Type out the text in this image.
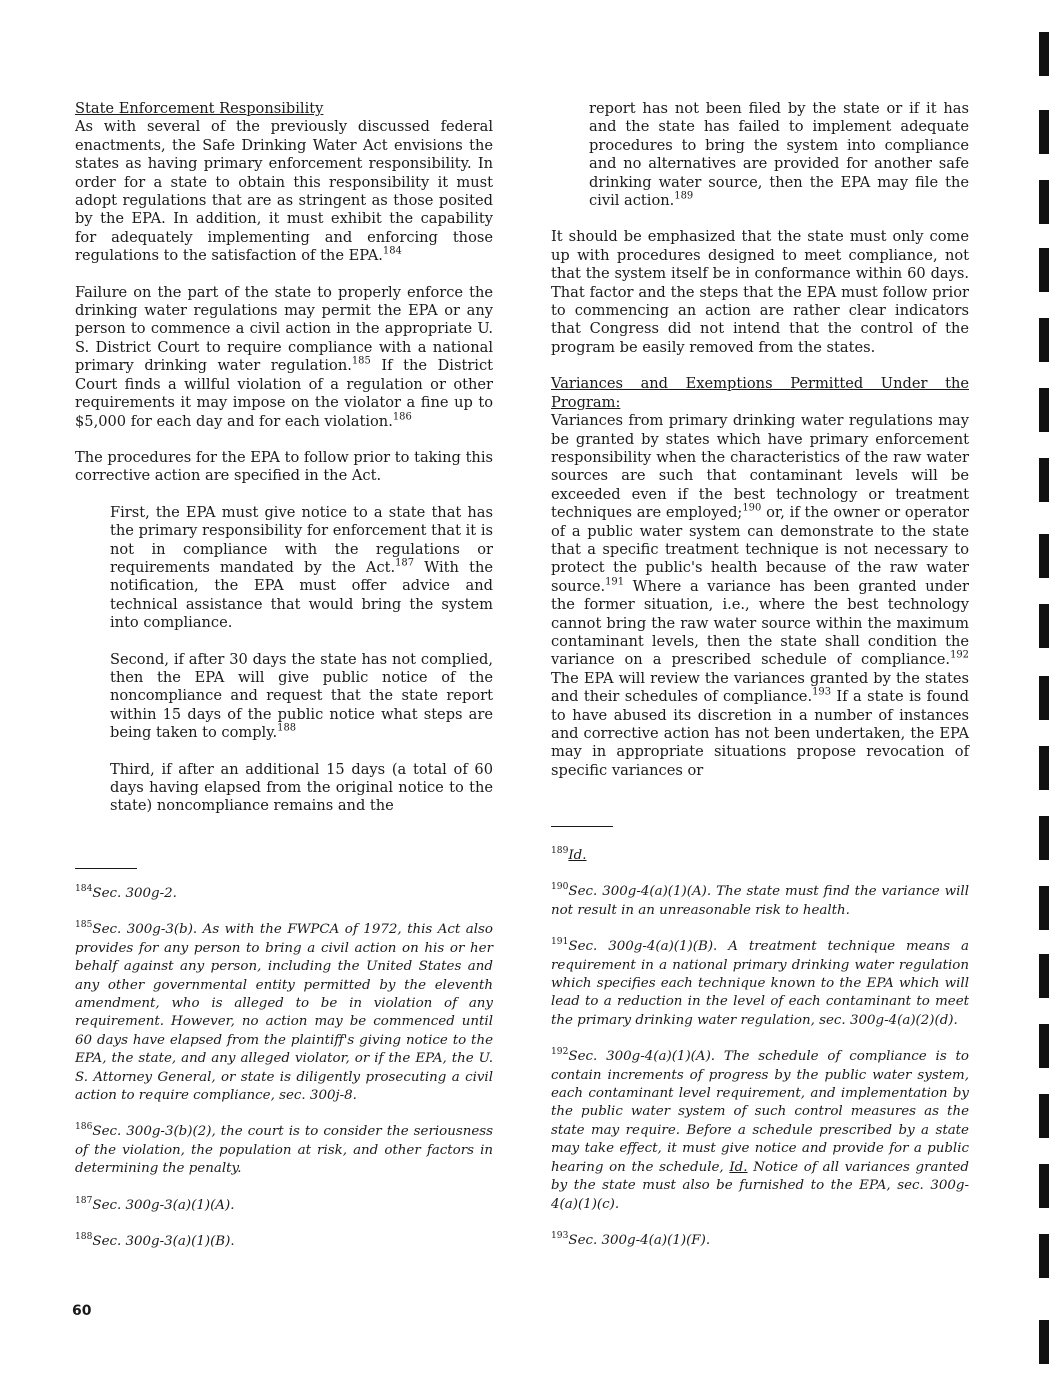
State Enforcement Responsibility

As with several of the previously discussed federal enactments, the Safe Drinking Water Act envisions the states as having primary enforcement responsibility. In order for a state to obtain this responsibility it must adopt regulations that are as stringent as those posited by the EPA. In addition, it must exhibit the capability for adequately implementing and enforcing those regulations to the satisfaction of the EPA.$^{184}$

Failure on the part of the state to properly enforce the drinking water regulations may permit the EPA or any person to commence a civil action in the appropriate U. S. District Court to require compliance with a national primary drinking water regulation.$^{185}$ If the District Court finds a willful violation of a regulation or other requirements it may impose on the violator a fine up to $5,000 for each day and for each violation.$^{186}$

The procedures for the EPA to follow prior to taking this corrective action are specified in the Act.

First, the EPA must give notice to a state that has the primary responsibility for enforcement that it is not in compliance with the regulations or requirements mandated by the Act.$^{187}$ With the notification, the EPA must offer advice and technical assistance that would bring the system into compliance.

Second, if after 30 days the state has not complied, then the EPA will give public notice of the noncompliance and request that the state report within 15 days of the public notice what steps are being taken to comply.$^{188}$

Third, if after an additional 15 days (a total of 60 days having elapsed from the original notice to the state) noncompliance remains and the

report has not been filed by the state or if it has and the state has failed to implement adequate procedures to bring the system into compliance and no alternatives are provided for another safe drinking water source, then the EPA may file the civil action.$^{189}$

It should be emphasized that the state must only come up with procedures designed to meet compliance, not that the system itself be in conformance within 60 days. That factor and the steps that the EPA must follow prior to commencing an action are rather clear indicators that Congress did not intend that the control of the program be easily removed from the states.

Variances and Exemptions Permitted Under the Program:

Variances from primary drinking water regulations may be granted by states which have primary enforcement responsibility when the characteristics of the raw water sources are such that contaminant levels will be exceeded even if the best technology or treatment techniques are employed;$^{190}$ or, if the owner or operator of a public water system can demonstrate to the state that a specific treatment technique is not necessary to protect the public's health because of the raw water source.$^{191}$ Where a variance has been granted under the former situation, i.e., where the best technology cannot bring the raw water source within the maximum contaminant levels, then the state shall condition the variance on a prescribed schedule of compliance.$^{192}$ The EPA will review the variances granted by the states and their schedules of compliance.$^{193}$ If a state is found to have abused its discretion in a number of instances and corrective action has not been undertaken, the EPA may in appropriate situations propose revocation of specific variances or

$^{184}$Sec. 300g-2.

$^{185}$Sec. 300g-3(b). As with the FWPCA of 1972, this Act also provides for any person to bring a civil action on his or her behalf against any person, including the United States and any other governmental entity permitted by the eleventh amendment, who is alleged to be in violation of any requirement. However, no action may be commenced until 60 days have elapsed from the plaintiff's giving notice to the EPA, the state, and any alleged violator, or if the EPA, the U. S. Attorney General, or state is diligently prosecuting a civil action to require compliance, sec. 300j-8.

$^{186}$Sec. 300g-3(b)(2), the court is to consider the seriousness of the violation, the population at risk, and other factors in determining the penalty.

$^{187}$Sec. 300g-3(a)(1)(A).

$^{188}$Sec. 300g-3(a)(1)(B).

$^{189}$Id.

$^{190}$Sec. 300g-4(a)(1)(A). The state must find the variance will not result in an unreasonable risk to health.

$^{191}$Sec. 300g-4(a)(1)(B). A treatment technique means a requirement in a national primary drinking water regulation which specifies each technique known to the EPA which will lead to a reduction in the level of each contaminant to meet the primary drinking water regulation, sec. 300g-4(a)(2)(d).

$^{192}$Sec. 300g-4(a)(1)(A). The schedule of compliance is to contain increments of progress by the public water system, each contaminant level requirement, and implementation by the public water system of such control measures as the state may require. Before a schedule prescribed by a state may take effect, it must give notice and provide for a public hearing on the schedule, Id. Notice of all variances granted by the state must also be furnished to the EPA, sec. 300g-4(a)(1)(c).

$^{193}$Sec. 300g-4(a)(1)(F).

60
